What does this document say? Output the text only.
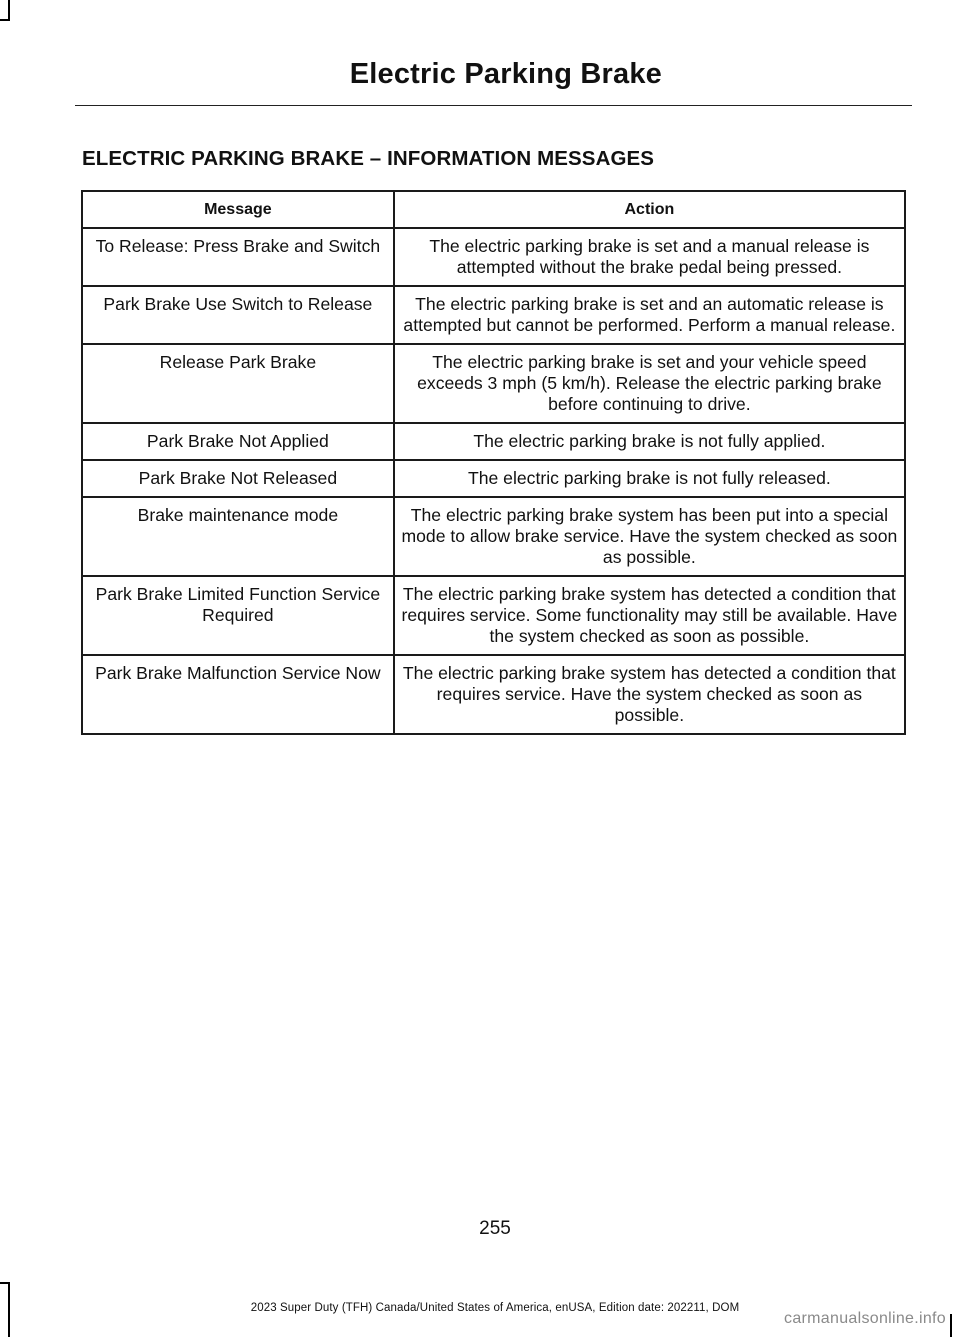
Electric Parking Brake
ELECTRIC PARKING BRAKE – INFORMATION MESSAGES
Message	Action
To Release: Press Brake and Switch	The electric parking brake is set and a manual release is attempted without the brake pedal being pressed.
Park Brake Use Switch to Release	The electric parking brake is set and an automatic release is attempted but cannot be performed. Perform a manual release.
Release Park Brake	The electric parking brake is set and your vehicle speed exceeds 3 mph (5 km/h). Release the electric parking brake before continuing to drive.
Park Brake Not Applied	The electric parking brake is not fully applied.
Park Brake Not Released	The electric parking brake is not fully released.
Brake maintenance mode	The electric parking brake system has been put into a special mode to allow brake service. Have the system checked as soon as possible.
Park Brake Limited Function Service Required	The electric parking brake system has detected a condition that requires service. Some functionality may still be available. Have the system checked as soon as possible.
Park Brake Malfunction Service Now	The electric parking brake system has detected a condition that requires service. Have the system checked as soon as possible.
255
2023 Super Duty (TFH) Canada/United States of America, enUSA, Edition date: 202211, DOM
carmanualsonline.info
